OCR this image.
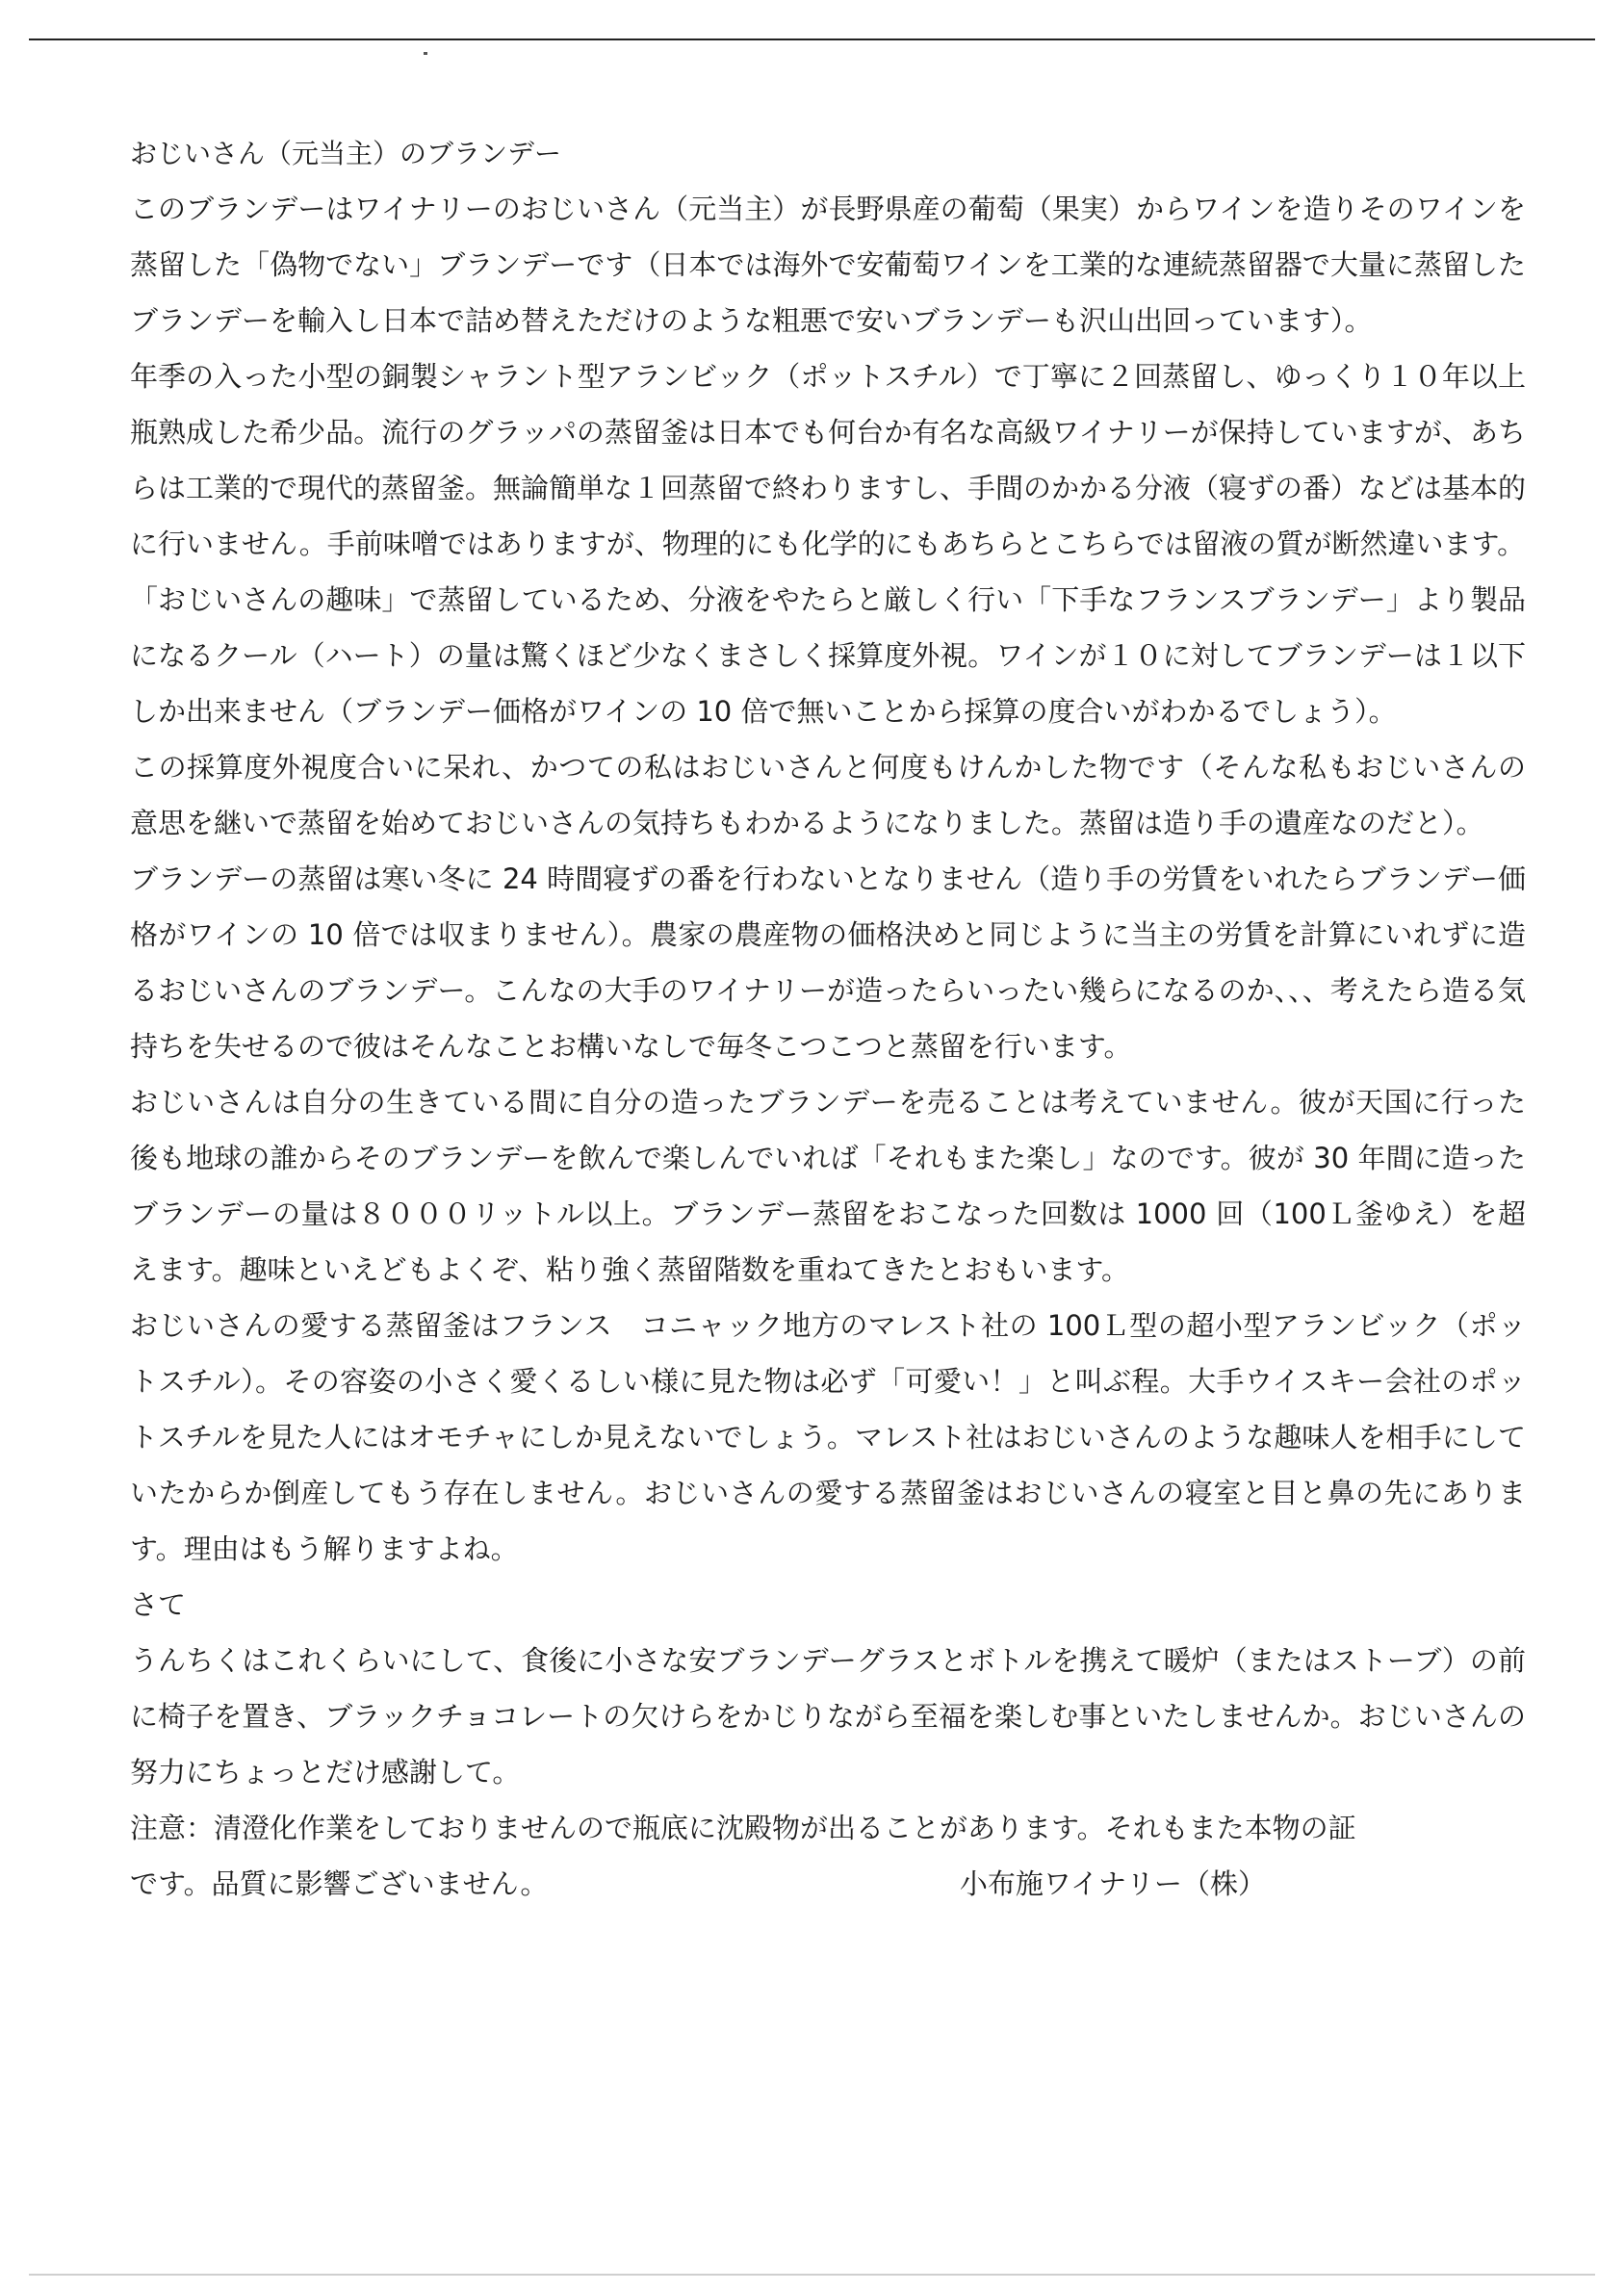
おじいさん（元当主）のブランデー

このブランデーはワイナリーのおじいさん（元当主）が長野県産の葡萄（果実）からワインを造りそのワインを蒸留した「偽物でない」ブランデーです（日本では海外で安葡萄ワインを工業的な連続蒸留器で大量に蒸留したブランデーを輸入し日本で詰め替えただけのような粗悪で安いブランデーも沢山出回っています）。

年季の入った小型の銅製シャラント型アランビック（ポットスチル）で丁寧に２回蒸留し、ゆっくり１０年以上瓶熟成した希少品。流行のグラッパの蒸留釜は日本でも何台か有名な高級ワイナリーが保持していますが、あちらは工業的で現代的蒸留釜。無論簡単な１回蒸留で終わりますし、手間のかかる分液（寝ずの番）などは基本的に行いません。手前味噌ではありますが、物理的にも化学的にもあちらとこちらでは留液の質が断然違います。

「おじいさんの趣味」で蒸留しているため、分液をやたらと厳しく行い「下手なフランスブランデー」より製品になるクール（ハート）の量は驚くほど少なくまさしく採算度外視。ワインが１０に対してブランデーは１以下しか出来ません（ブランデー価格がワインの 10 倍で無いことから採算の度合いがわかるでしょう）。

この採算度外視度合いに呆れ、かつての私はおじいさんと何度もけんかした物です（そんな私もおじいさんの意思を継いで蒸留を始めておじいさんの気持ちもわかるようになりました。蒸留は造り手の遺産なのだと）。

ブランデーの蒸留は寒い冬に 24 時間寝ずの番を行わないとなりません（造り手の労賃をいれたらブランデー価格がワインの 10 倍では収まりません）。農家の農産物の価格決めと同じように当主の労賃を計算にいれずに造るおじいさんのブランデー。こんなの大手のワイナリーが造ったらいったい幾らになるのか、、、考えたら造る気持ちを失せるので彼はそんなことお構いなしで毎冬こつこつと蒸留を行います。

おじいさんは自分の生きている間に自分の造ったブランデーを売ることは考えていません。彼が天国に行った後も地球の誰からそのブランデーを飲んで楽しんでいれば「それもまた楽し」なのです。彼が 30 年間に造ったブランデーの量は８０００リットル以上。ブランデー蒸留をおこなった回数は 1000 回（100Ｌ釜ゆえ）を超えます。趣味といえどもよくぞ、粘り強く蒸留階数を重ねてきたとおもいます。

おじいさんの愛する蒸留釜はフランス　コニャック地方のマレスト社の 100Ｌ型の超小型アランビック（ポットスチル）。その容姿の小さく愛くるしい様に見た物は必ず「可愛い！」と叫ぶ程。大手ウイスキー会社のポットスチルを見た人にはオモチャにしか見えないでしょう。マレスト社はおじいさんのような趣味人を相手にしていたからか倒産してもう存在しません。おじいさんの愛する蒸留釜はおじいさんの寝室と目と鼻の先にあります。理由はもう解りますよね。

さて

うんちくはこれくらいにして、食後に小さな安ブランデーグラスとボトルを携えて暖炉（またはストーブ）の前に椅子を置き、ブラックチョコレートの欠けらをかじりながら至福を楽しむ事といたしませんか。おじいさんの努力にちょっとだけ感謝して。

注意：清澄化作業をしておりませんので瓶底に沈殿物が出ることがあります。それもまた本物の証

です。品質に影響ございません。	小布施ワイナリー（株）
